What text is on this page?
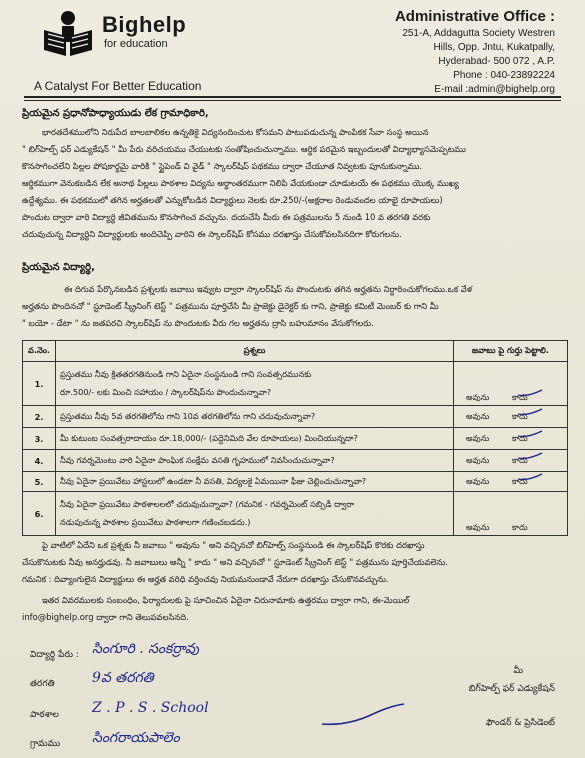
Bighelp
for education
A Catalyst For Better Education
Administrative Office :
251-A, Addagutta Society Westren
Hills, Opp. Jntu, Kukatpally,
Hyderabad- 500 072 , A.P.
Phone : 040-23892224
E-mail :admin@bighelp.org
ప్రియమైన ప్రధానోపాధ్యాయుడు లేక గ్రామాధికారి,
భారతదేశములోని నిరుపేద బాలబాలికల ఉన్నతికై విద్యనందించుట కోసమని పాటుపడుచున్న పాంపికక సేవా సంస్థ అయిన
" బిగ్‌హెల్ప్ ఫర్ ఎడ్యుకేషన్ " మీ పేరు వరిచయము చేయుటకు సంతోషించుచున్నాము. ఆర్థిక పరమైన ఇబ్బందులతో విద్యాభ్యాసమెప్పటము
కొనసాగించలేని పిల్లల పోషకార్థమై వారికి " స్టైపెండ్ వి వైడ్ " స్కాలర్‌షిప్ పథకము ద్వారా చేయూత నివ్వటకు పూనుకున్నాము.
ఆర్థికముగా వెనుకబడిన లేక అనాథ పిల్లలు పాఠశాల విద్యను అర్థాంతరముగా నిలిపి వేయకుండా చూడుటయే ఈ పథకము యొక్క ముఖ్య
ఉద్దేశ్యము. ఈ పథకములో తగిన అర్హతలతో ఎన్నుకోబడిన విద్యార్థులు నెలకు రూ.250/-(అక్షరాల రెండువందల యాభై రూపాయలు)
పొందుట ద్వారా వారి విద్యార్థి జీవితమును కొనసాగించ వచ్చును. దయచేసి మీరు ఈ పత్రములను 5 నుండి 10 వ తరగతి వరకు
చదువుచున్న విద్యార్థిని విద్యార్థులకు అందిచెప్పి వారిని ఈ స్కాలర్‌షిప్ కోసము దరఖాస్తు చేసుకోవలసినదిగా కోరుగలను.
ప్రియమైన విద్యార్థి,
ఈ దిగువ పేర్కొనబడిన ప్రశ్నలకు జవాబు ఇవ్వుట ద్వారా స్కాలర్‌షిప్ ను పొందుటకు తగిన అర్హతను నిర్ధారించుకోగలము.ఒక వేళ
అర్హతను పొందినచో " స్టూడెంట్ స్క్రీనింగ్ టెస్ట్ " పత్రమును పూర్తిచేసి మీ ప్రాజెక్టు డైరెక్టర్ కు గాని, ప్రాజెక్టు కమిటీ మెంబర్ కు గాని మీ
" బయో - డేటా " ను జతపరచి స్కాలర్‌షిప్ ను పొందుటకు వీరు గల అర్హతను ద్రాసి బహుమానం వేసుకోగలరు.
వ.నెం.	ప్రశ్నలు	జవాబు పై గుర్తు పెట్టాలి.
1.	ప్రస్తుతము నీవు క్రితతరగతినుండి గాని ఏదైనా సంస్థనుండి గాని సంవత్సరమునకు
రూ.500/- లకు మించి సహాయం / స్కాలర్‌షిప్‌ను పొందుచున్నావా?	అవును కాదు

2.	ప్రస్తుతము నీవు 5వ తరగతిలోను గాని 10వ తరగతిలోను గాని చదువుచున్నావా?	అవును కాదు

3.	మీ కుటుంబ సంవత్సరాదాయం రూ.18,000/- (పద్దెనిమిది వేల రూపాయలు) మించియున్నదా?	అవును కాదు

4.	నీవు గవర్నమెంటు వారి ఏదైనా పాంఘిక సంక్షేమ వసతి గృహములో నివసించుచున్నావా?	అవును కాదు

5.	నీవు ఏదైనా ప్రయివేటు హాస్టలులో ఉండటా నీ వసతి, విద్యలకై ఏమయినా ఫీజు చెల్లించుచున్నావా?	అవును కాదు

6.	నీవు ఏదైనా ప్రయివేటు పాఠశాలలలో చదువుచున్నావా? (గమనిక - గవర్నమెంట్ సబ్సిడీ ద్వారా
నడుపుచున్న పాఠశాల ప్రయివేటు పాఠశాలగా గణించబడదు.)	అవును కాదు
పై వాటిలో ఏదేని ఒక ప్రశ్నకు నీ జవాబు " అవును " అని వచ్చినచో బిగ్‌హెల్ప్ సంస్థనుండి ఈ స్కాలర్‌షిప్ కొరకు దరఖాస్తు
చేసుకొనుటకు నీవు అనర్హుడవు. నీ జవాబులు అన్నీ " కాదు " అని వచ్చినచో " స్టూడెంట్ స్క్రీనింగ్ టెస్ట్ " పత్రమును పూర్తిచేయవలెను.
గమనిక : దివ్యాంగులైన విద్యార్థులు ఈ అర్హత వరిధి వర్తించవు నియమనుండావే నేరుగా దరఖాస్తు చేసుకొనవచ్చును.
ఇతర వివరములకు సంబంధిం, ఫిర్యాదులకు పై సూచించిన ఏదైనా చిరునామాకు ఉత్తరము ద్వారా గాని, ఈ-మెయిల్
info@bighelp.org ద్వారా గాని తెలుపవలసినది.
విద్యార్థి పేరు : సింగూరి . సంకర్రావు
తరగతి	9వ తరగతి
పాఠశాల Z . P . S . School
గ్రామము సింగరాయపాలెం
మీ
బిగ్‌హెల్ప్ ఫర్ ఎడ్యుకేషన్
ఫౌండర్ & ప్రెసిడెంట్
